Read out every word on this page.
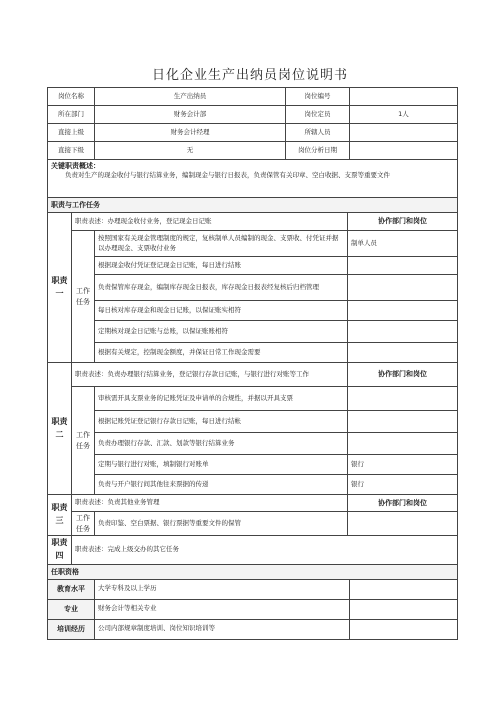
日化企业生产出纳员岗位说明书
岗位名称		生产出纳员	岗位编号		
所在部门		财务会计部	岗位定员		1人
直接上级		财务会计经理	所辖人员		
直接下级		无	岗位分析日期		

关键职责概述：
负责对生产的现金收付与银行结算业务，编制现金与银行日报表，负责保管有关印章、空白收据、支票等重要文件					

职责与工作任务					
职责一	职责表述：办理现金收付业务，登记现金日记账			协作部门和岗位	
	工作任务	按照国家有关现金管理制度的规定，复核制单人员编制的现金、支票收、付凭证并据以办理现金、支票收付业务		制单人员	
		根据现金收付凭证登记现金日记账，每日进行结账			
		负责保管库存现金，编制库存现金日报表，库存现金日报表经复核后归档管理			
		每日核对库存现金和现金日记账，以保证账实相符			
		定期核对现金日记账与总账，以保证账账相符			
		根据有关规定，控制现金额度，并保证日常工作现金需要			
职责二	职责表述：负责办理银行结算业务，登记银行存款日记账，与银行进行对账等工作			协作部门和岗位	
	工作任务	审核需开具支票业务的记账凭证及申请单的合规性，并据以开具支票			
		根据记账凭证登记银行存款日记账，每日进行结帐			
		负责办理银行存款、汇款、划款等银行结算业务			
		定期与银行进行对账，填制银行对账单		银行	
		负责与开户银行间其他往来票据的传递		银行	
职责三	职责表述：负责其他业务管理			协作部门和岗位	
	工作任务	负责印鉴、空白票据、银行票据等重要文件的保管			
职责四	职责表述：完成上级交办的其它任务				
任职资格					
教育水平		大学专科及以上学历			
专业		财务会计等相关专业			
培训经历		公司内部规章制度培训、岗位知识培训等			
